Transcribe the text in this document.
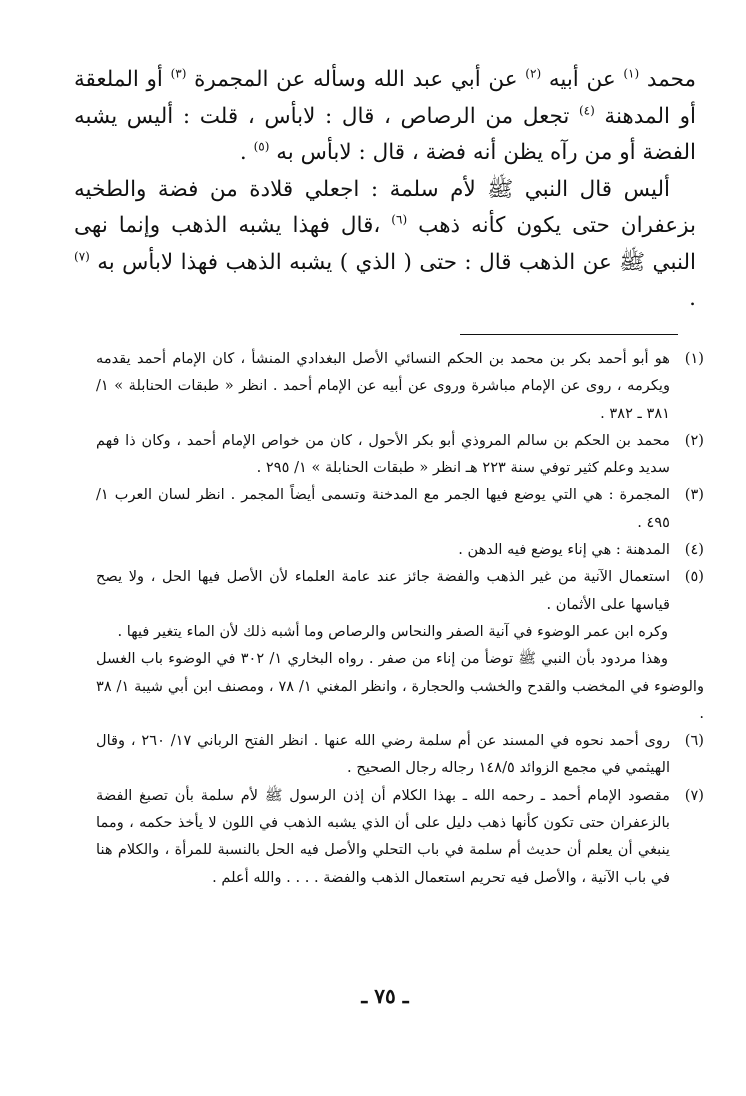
محمد $^{(١)}$ عن أبيه $^{(٢)}$ عن أبي عبد الله وسأله عن المجمرة $^{(٣)}$ أو الملعقة أو المدهنة $^{(٤)}$ تجعل من الرصاص ، قال : لابأس ، قلت : أليس يشبه الفضة أو من رآه يظن أنه فضة ، قال : لابأس به $^{(٥)}$ .

أليس قال النبي ﷺ لأم سلمة : اجعلي قلادة من فضة والطخيه بزعفران حتى يكون كأنه ذهب $^{(٦)}$ ،قال فهذا يشبه الذهب وإنما نهى النبي ﷺ عن الذهب قال : حتى ( الذي ) يشبه الذهب فهذا لابأس به $^{(٧)}$ .

(١)
هو أبو أحمد بكر بن محمد بن الحكم النسائي الأصل البغدادي المنشأ ، كان الإمام أحمد يقدمه ويكرمه ، روى عن الإمام مباشرة وروى عن أبيه عن الإمام أحمد . انظر « طبقات الحنابلة » ١/ ٣٨١ ـ ٣٨٢ .
(٢)
محمد بن الحكم بن سالم المروذي أبو بكر الأحول ، كان من خواص الإمام أحمد ، وكان ذا فهم سديد وعلم كثير توفي سنة ٢٢٣ هـ انظر « طبقات الحنابلة » ١/ ٢٩٥ .
(٣)
المجمرة : هي التي يوضع فيها الجمر مع المدخنة وتسمى أيضاً المجمر . انظر لسان العرب ١/ ٤٩٥ .
(٤)
المدهنة : هي إناء يوضع فيه الدهن .
(٥)
استعمال الآنية من غير الذهب والفضة جائز عند عامة العلماء لأن الأصل فيها الحل ، ولا يصح قياسها على الأثمان .
وكره ابن عمر الوضوء في آنية الصفر والنحاس والرصاص وما أشبه ذلك لأن الماء يتغير فيها .
وهذا مردود بأن النبي ﷺ توضأ من إناء من صفر . رواه البخاري ١/ ٣٠٢ في الوضوء باب الغسل والوضوء في المخضب والقدح والخشب والحجارة ، وانظر المغني ١/ ٧٨ ، ومصنف ابن أبي شيبة ١/ ٣٨ .
(٦)
روى أحمد نحوه في المسند عن أم سلمة رضي الله عنها . انظر الفتح الرباني ١٧/ ٢٦٠ ، وقال الهيثمي في مجمع الزوائد ١٤٨/٥ رجاله رجال الصحيح .
(٧)
مقصود الإمام أحمد ـ رحمه الله ـ بهذا الكلام أن إذن الرسول ﷺ لأم سلمة بأن تصبغ الفضة بالزعفران حتى تكون كأنها ذهب دليل على أن الذي يشبه الذهب في اللون لا يأخذ حكمه ، ومما ينبغي أن يعلم أن حديث أم سلمة في باب التحلي والأصل فيه الحل بالنسبة للمرأة ، والكلام هنا في باب الآنية ، والأصل فيه تحريم استعمال الذهب والفضة . . . . والله أعلم .
ـ ٧٥ ـ
